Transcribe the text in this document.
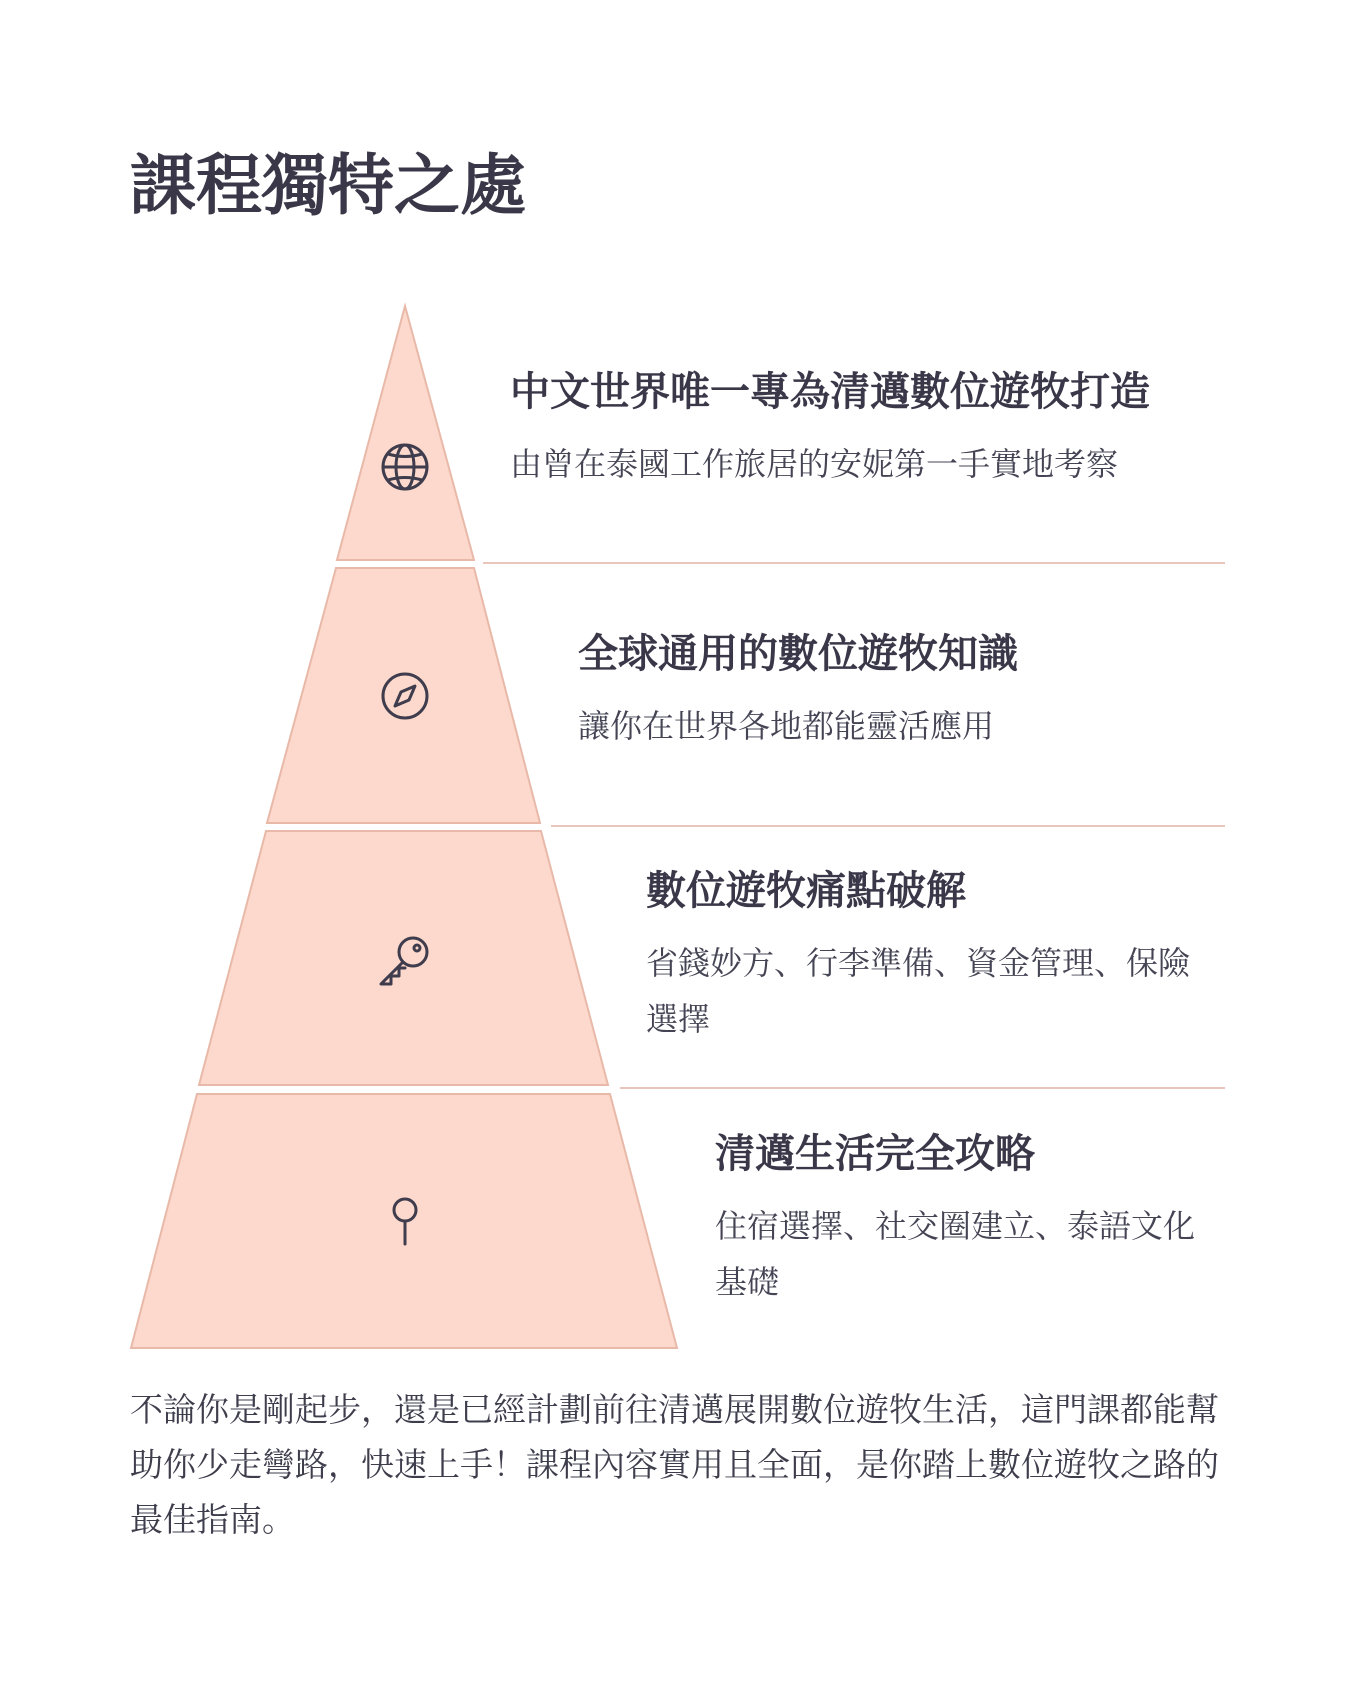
課程獨特之處
中文世界唯一專為清邁數位遊牧打造

由曾在泰國工作旅居的安妮第一手實地考察

全球通用的數位遊牧知識

讓你在世界各地都能靈活應用

數位遊牧痛點破解

省錢妙方、行李準備、資金管理、保險選擇

清邁生活完全攻略

住宿選擇、社交圈建立、泰語文化基礎

不論你是剛起步，還是已經計劃前往清邁展開數位遊牧生活，這門課都能幫助你少走彎路，快速上手！課程內容實用且全面，是你踏上數位遊牧之路的最佳指南。
